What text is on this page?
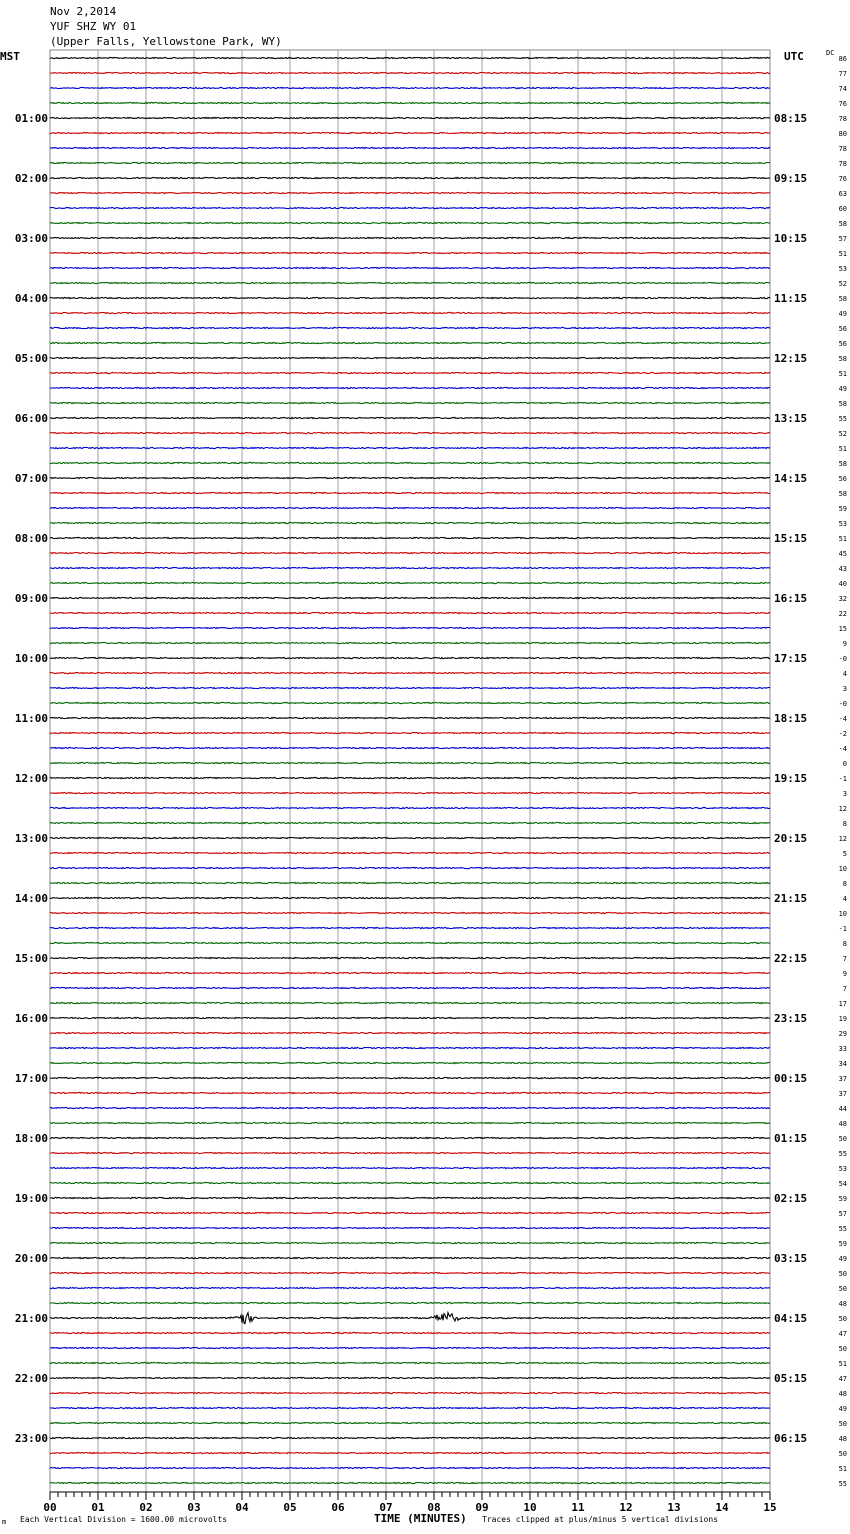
Nov 2,2014
YUF SHZ WY 01
(Upper Falls, Yellowstone Park, WY)
MST	UTC	DC
00	01	02	03	04	05	06	07	08	09	10	11	12	13	14	15
86
77
74
76
78
80
78
78
76
63
60
58
57
51
53
52
58
49
56
56
58
51
49
58
55
52
51
58
56
58
59
53
51
45
43
40
32
22
15
9
-0
4
3
-0
-4
-2
-4
0
-1
3
12
8
12
5
10
8
4
10
-1
8
7
9
7
17
19
29
33
34
37
37
44
48
50
55
53
54
59
57
55
59
49
50
50
48
50
47
50
51
47
48
49
50
48
50
51
55
01:00
02:00
03:00
04:00
05:00
06:00
07:00
08:00
09:00
10:00
11:00
12:00
13:00
14:00
15:00
16:00
17:00
18:00
19:00
20:00
21:00
22:00
23:00
08:15
09:15
10:15
11:15
12:15
13:15
14:15
15:15
16:15
17:15
18:15
19:15
20:15
21:15
22:15
23:15
00:15
01:15
02:15
03:15
04:15
05:15
06:15
m Each Vertical Division = 1600.00 microvolts	TIME (MINUTES) Traces clipped at plus/minus 5 vertical divisions
